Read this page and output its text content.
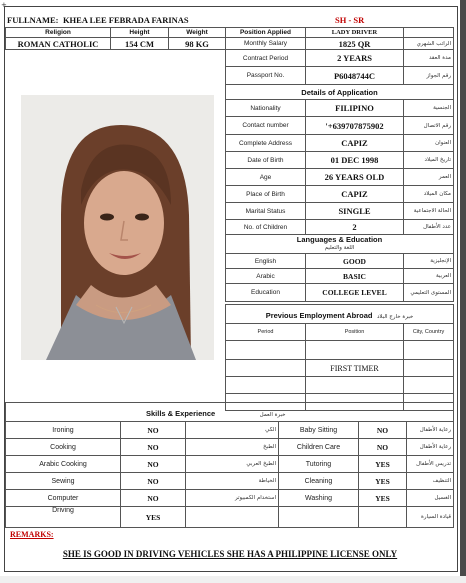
+
FULLNAME: KHEA LEE FEBRADA FARINAS	SH - SR
Religion	Height	Weight
ROMAN CATHOLIC	154 CM	98 KG
Position Applied	LADY DRIVER	
Monthly Salary	1825 QR	الراتب الشهري
Contract Period	2 YEARS	مدة العقد
Passport No.	P6048744C	رقم الجواز
Details of Application		
Nationality	FILIPINO	الجنسية
Contact number	'+639707875902	رقم الاتصال
Complete Address	CAPIZ	العنوان
Date of Birth	01 DEC 1998	تاريخ الميلاد
Age	26 YEARS OLD	العمر
Place of Birth	CAPIZ	مكان الميلاد
Marital Status	SINGLE	الحالة الاجتماعية
No. of Children	2	عدد الأطفال

Languages & Education
اللغة والتعليم		

English	GOOD	الإنجليزية
Arabic	BASIC	العربية
Education	COLLEGE LEVEL	المستوى التعليمي
Previous Employment Abroad خبرة خارج البلاد		
Period	Position	City, Country

	FIRST TIMER	

Skills & Experience خبرة العمل					
Ironing	NO	الكي	Baby Sitting	NO	رعاية الأطفال
Cooking	NO	الطبخ	Children Care	NO	رعاية الأطفال
Arabic Cooking	NO	الطبخ العربي	Tutoring	YES	تدريس الأطفال
Sewing	NO	الخياطة	Cleaning	YES	التنظيف
Computer	NO	استخدام الكمبيوتر	Washing	YES	الغسيل
Driving	YES				قيادة السيارة
REMARKS:
SHE IS GOOD IN DRIVING VEHICLES SHE HAS A PHILIPPINE LICENSE ONLY
